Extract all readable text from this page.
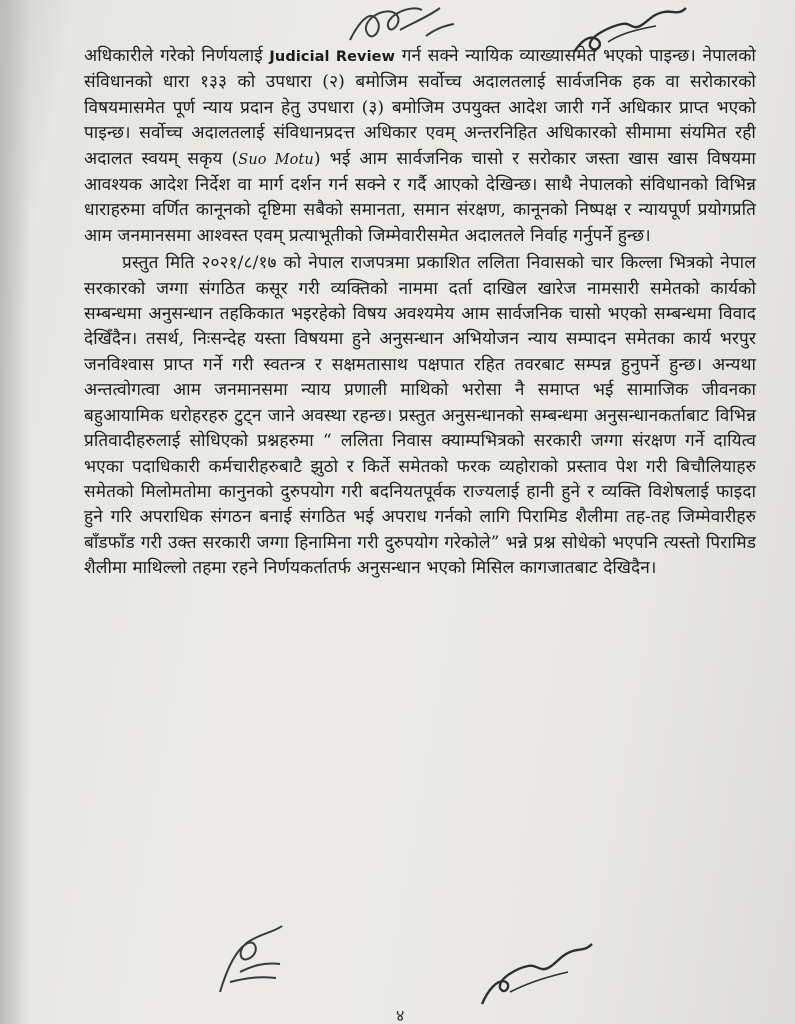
अधिकारीले गरेको निर्णयलाई Judicial Review गर्न सक्ने न्यायिक व्याख्यासमेत भएको पाइन्छ। नेपालको संविधानको धारा १३३ को उपधारा (२) बमोजिम सर्वोच्च अदालतलाई सार्वजनिक हक वा सरोकारको विषयमासमेत पूर्ण न्याय प्रदान हेतु उपधारा (३) बमोजिम उपयुक्त आदेश जारी गर्ने अधिकार प्राप्त भएको पाइन्छ। सर्वोच्च अदालतलाई संविधानप्रदत्त अधिकार एवम् अन्तरनिहित अधिकारको सीमामा संयमित रही अदालत स्वयम् सकृय (Suo Motu) भई आम सार्वजनिक चासो र सरोकार जस्ता खास खास विषयमा आवश्यक आदेश निर्देश वा मार्ग दर्शन गर्न सक्ने र गर्दै आएको देखिन्छ। साथै नेपालको संविधानको विभिन्न धाराहरुमा वर्णित कानूनको दृष्टिमा सबैको समानता, समान संरक्षण, कानूनको निष्पक्ष र न्यायपूर्ण प्रयोगप्रति आम जनमानसमा आश्वस्त एवम् प्रत्याभूतीको जिम्मेवारीसमेत अदालतले निर्वाह गर्नुपर्ने हुन्छ।

प्रस्तुत मिति २०२१/८/१७ को नेपाल राजपत्रमा प्रकाशित ललिता निवासको चार किल्ला भित्रको नेपाल सरकारको जग्गा संगठित कसूर गरी व्यक्तिको नाममा दर्ता दाखिल खारेज नामसारी समेतको कार्यको सम्बन्धमा अनुसन्धान तहकिकात भइरहेको विषय अवश्यमेय आम सार्वजनिक चासो भएको सम्बन्धमा विवाद देखिँदैन। तसर्थ, निःसन्देह यस्ता विषयमा हुने अनुसन्धान अभियोजन न्याय सम्पादन समेतका कार्य भरपुर जनविश्वास प्राप्त गर्ने गरी स्वतन्त्र र सक्षमतासाथ पक्षपात रहित तवरबाट सम्पन्न हुनुपर्ने हुन्छ। अन्यथा अन्तत्वोगत्वा आम जनमानसमा न्याय प्रणाली माथिको भरोसा नै समाप्त भई सामाजिक जीवनका बहुआयामिक धरोहरहरु टुट्न जाने अवस्था रहन्छ। प्रस्तुत अनुसन्धानको सम्बन्धमा अनुसन्धानकर्ताबाट विभिन्न प्रतिवादीहरुलाई सोधिएको प्रश्नहरुमा “ ललिता निवास क्याम्पभित्रको सरकारी जग्गा संरक्षण गर्ने दायित्व भएका पदाधिकारी कर्मचारीहरुबाटै झुठो र किर्ते समेतको फरक व्यहोराको प्रस्ताव पेश गरी बिचौलियाहरु समेतको मिलोमतोमा कानुनको दुरुपयोग गरी बदनियतपूर्वक राज्यलाई हानी हुने र व्यक्ति विशेषलाई फाइदा हुने गरि अपराधिक संगठन बनाई संगठित भई अपराध गर्नको लागि पिरामिड शैलीमा तह-तह जिम्मेवारीहरु बाँडफाँड गरी उक्त सरकारी जग्गा हिनामिना गरी दुरुपयोग गरेकोले” भन्ने प्रश्न सोधेको भएपनि त्यस्तो पिरामिड शैलीमा माथिल्लो तहमा रहने निर्णयकर्तातर्फ अनुसन्धान भएको मिसिल कागजातबाट देखिदैन।

४
